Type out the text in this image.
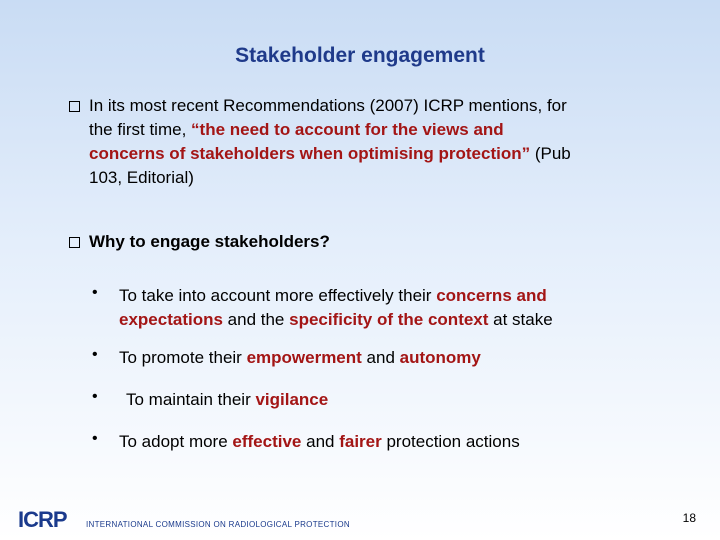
Stakeholder engagement
In its most recent Recommendations (2007) ICRP mentions, for
the first time, “the need to account for the views and
concerns of stakeholders when optimising protection” (Pub
103, Editorial)
Why to engage stakeholders?
• To take into account more effectively their concerns and
expectations and the specificity of the context at stake
• To promote their empowerment and autonomy
• To maintain their vigilance
• To adopt more effective and fairer protection actions
ICRP INTERNATIONAL COMMISSION ON RADIOLOGICAL PROTECTION	18
